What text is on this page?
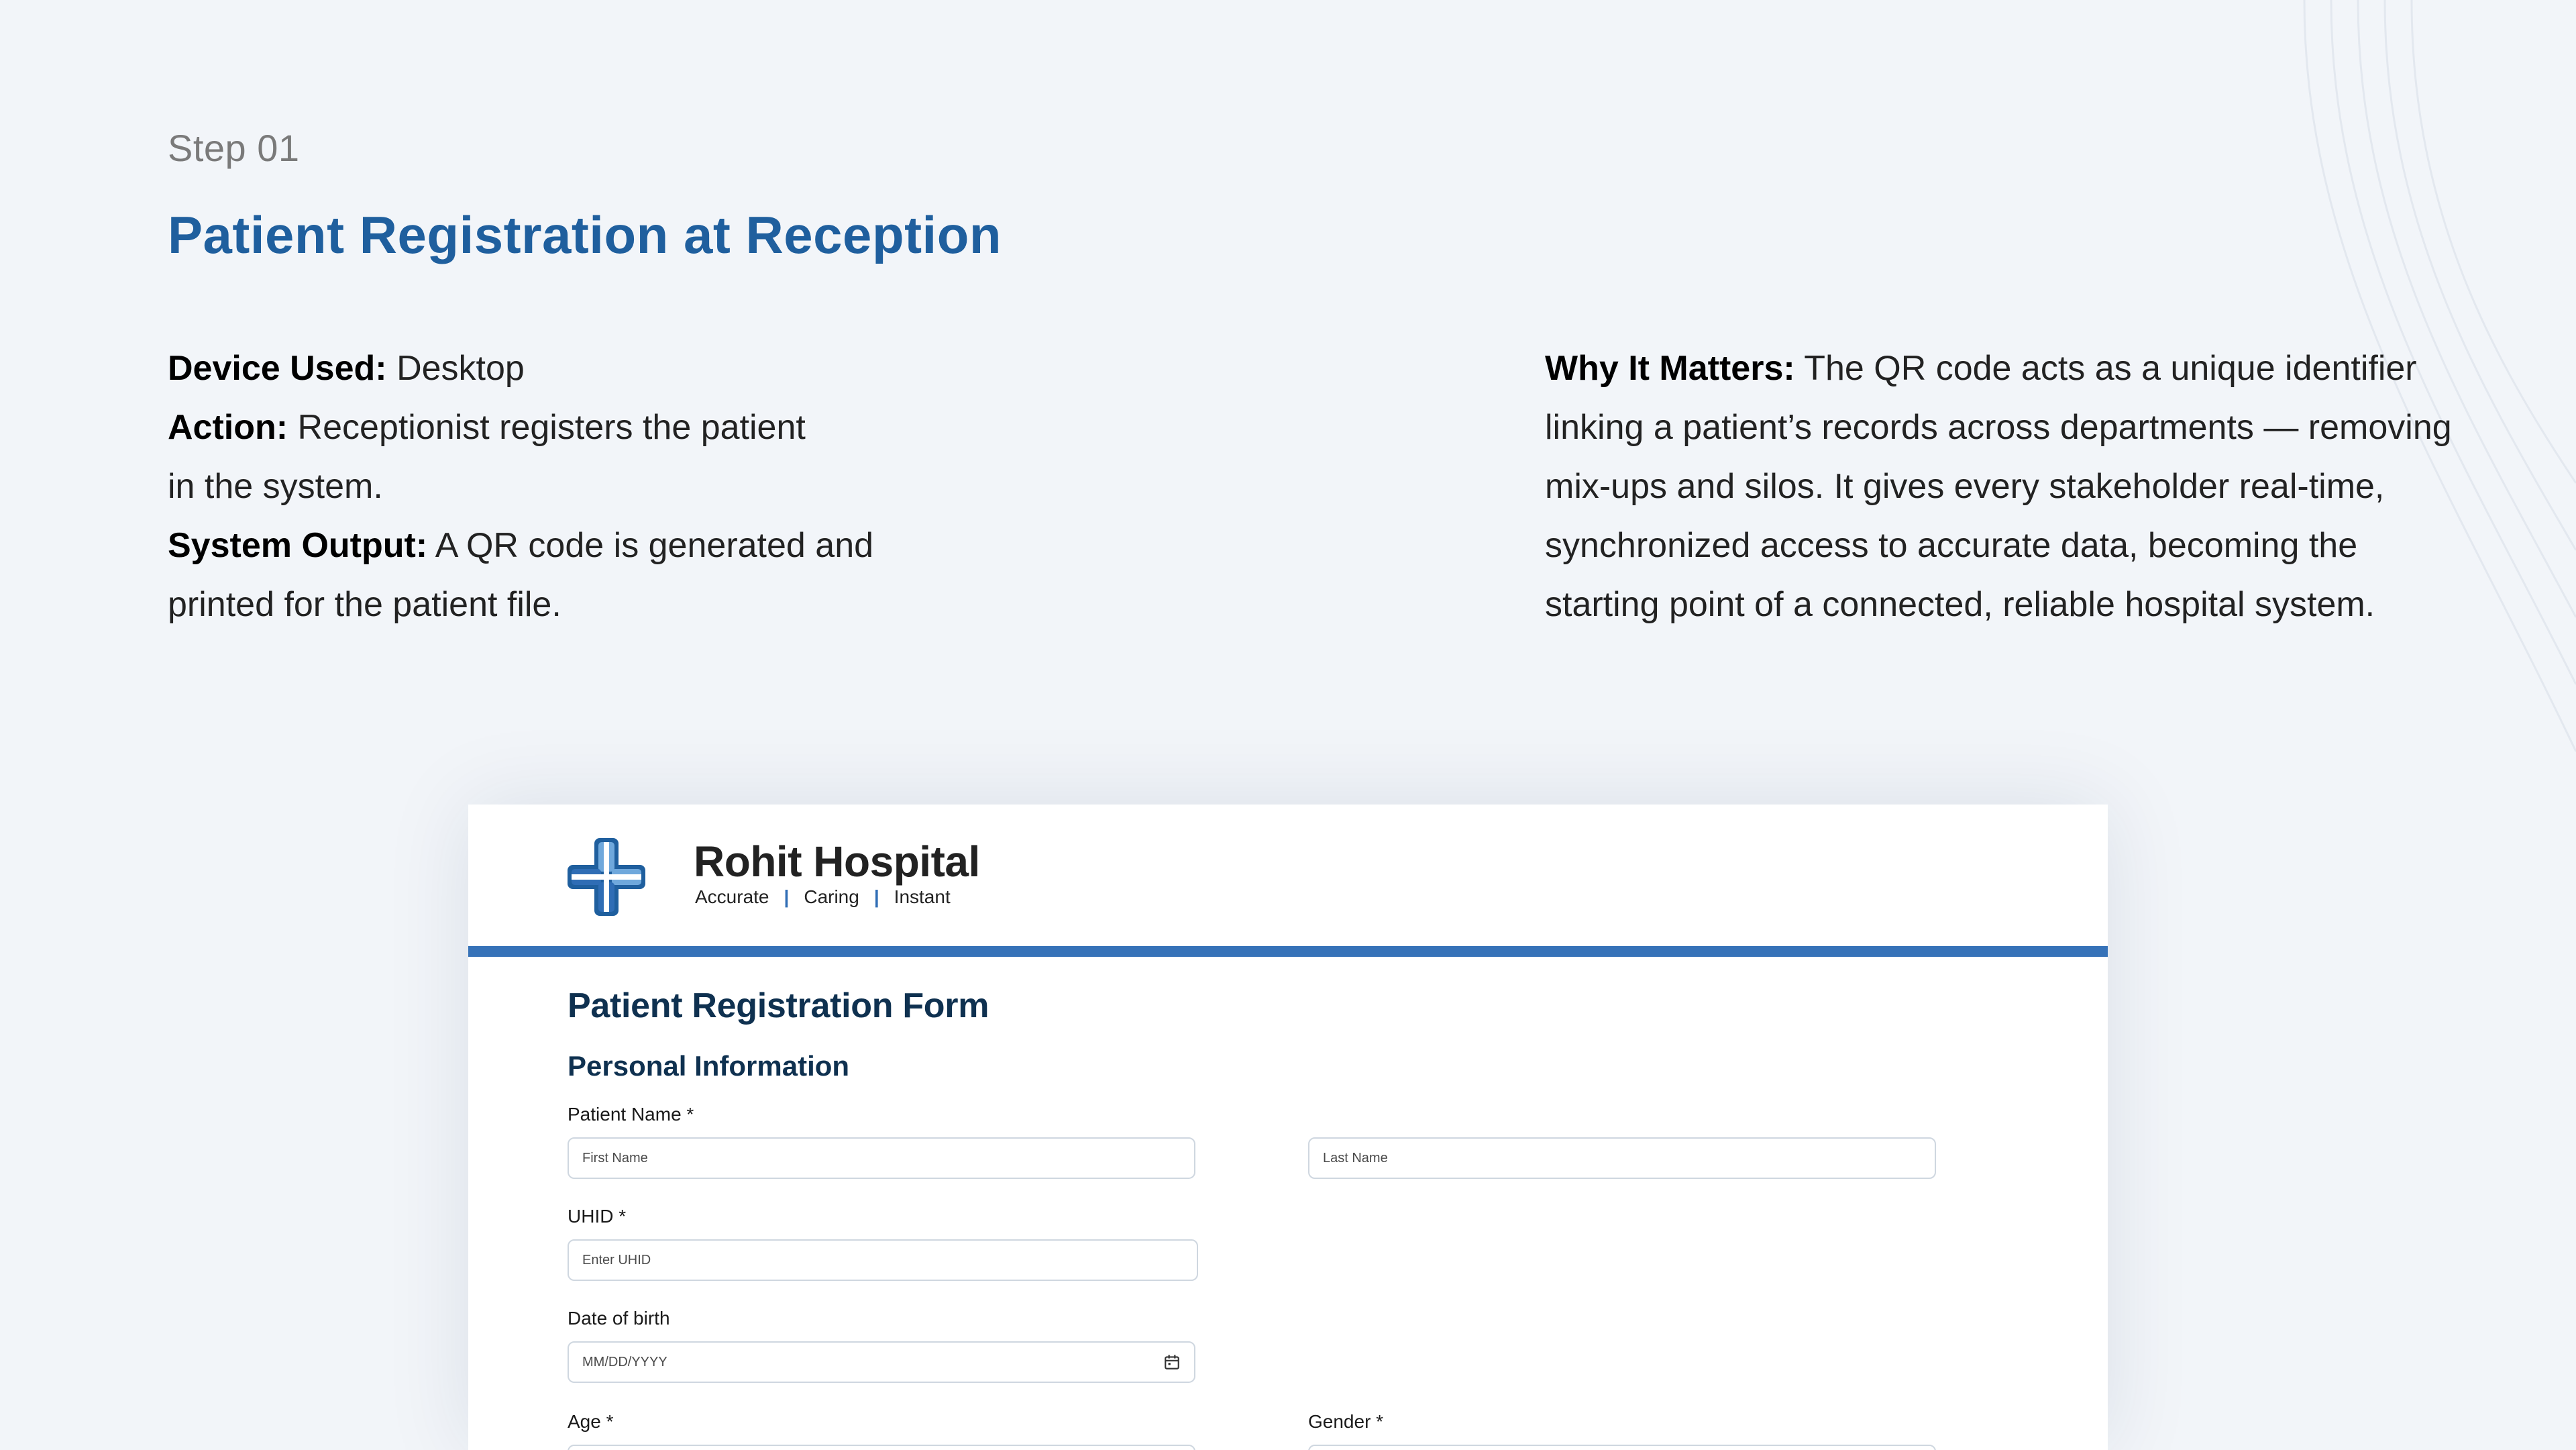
Step 01
Patient Registration at Reception
Device Used: Desktop
Action: Receptionist registers the patient
in the system.
System Output: A QR code is generated and
printed for the patient file.
Why It Matters: The QR code acts as a unique identifier
linking a patient’s records across departments — removing
mix-ups and silos. It gives every stakeholder real-time,
synchronized access to accurate data, becoming the
starting point of a connected, reliable hospital system.
Rohit Hospital
Accurate | Caring | Instant
Patient Registration Form
Personal Information
Patient Name *
First Name	Last Name
UHID *
Enter UHID
Date of birth
MM/DD/YYYY
Age *	Gender *
